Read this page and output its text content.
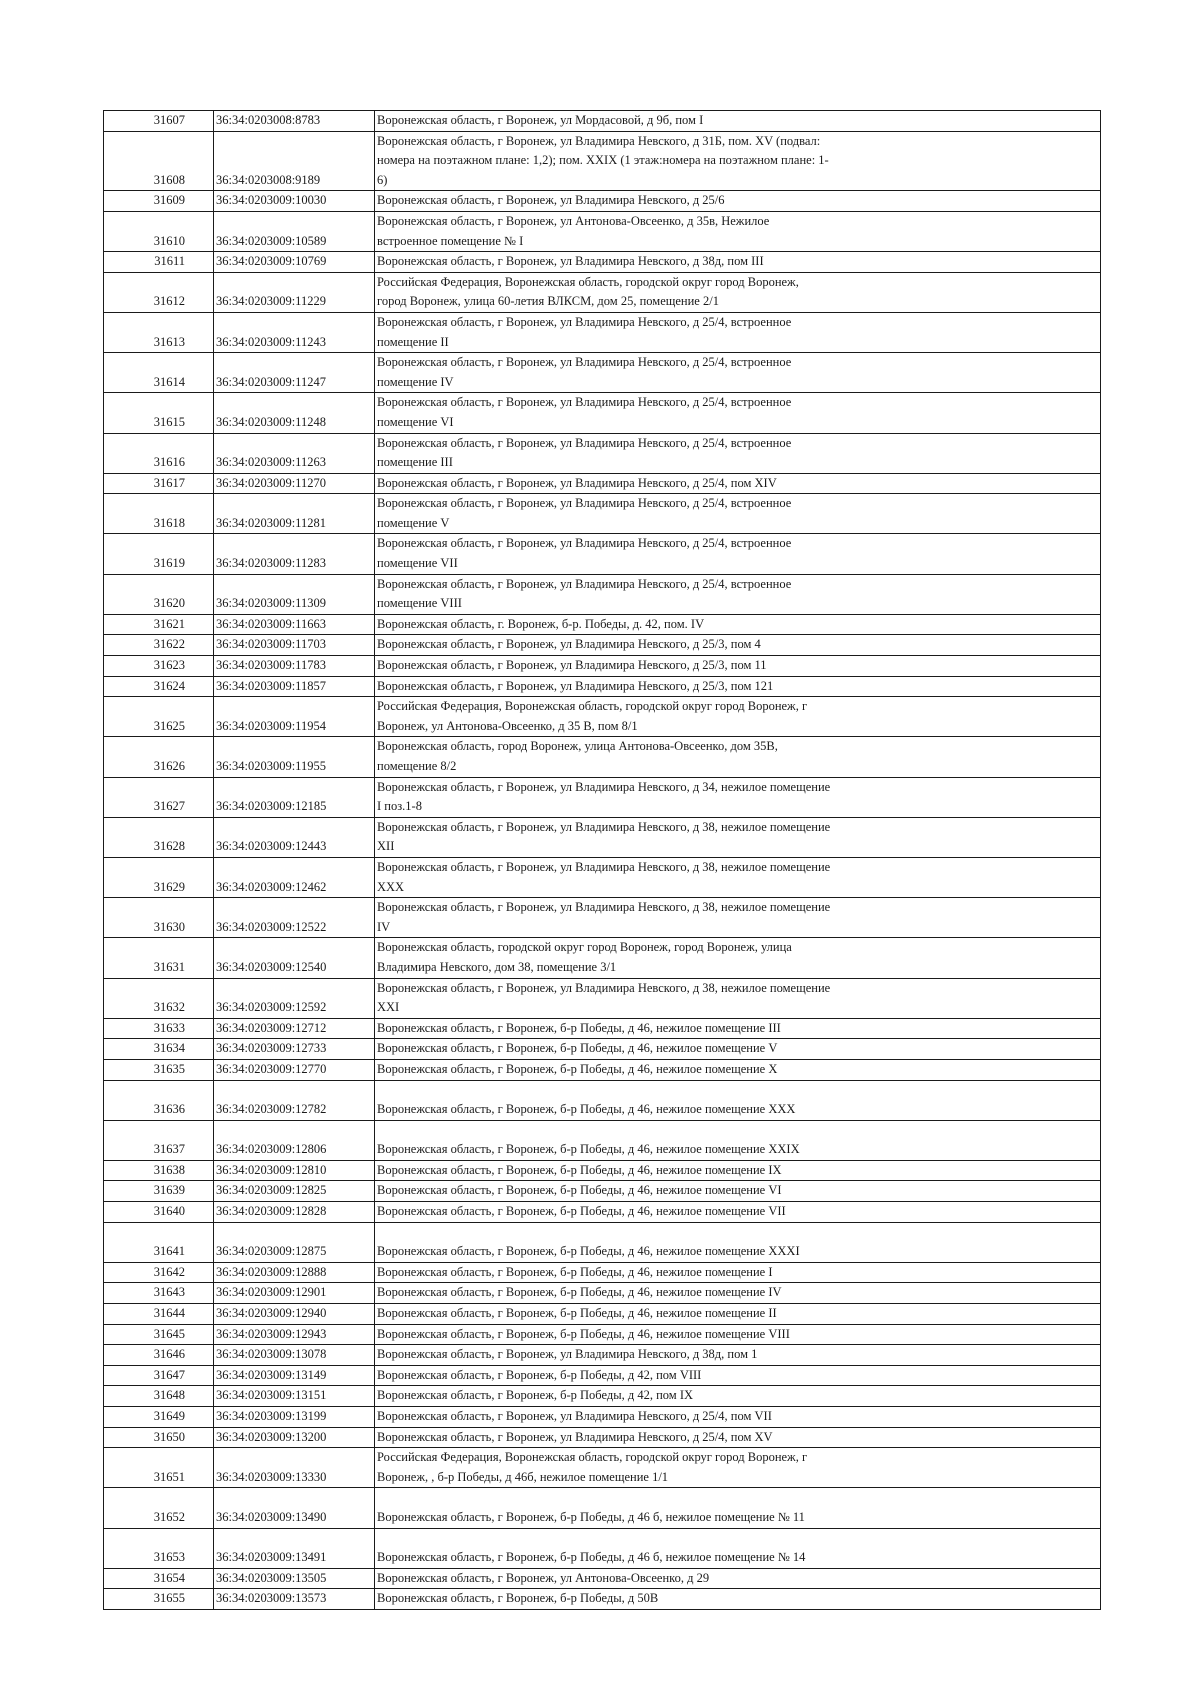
31607	36:34:0203008:8783	Воронежская область, г Воронеж, ул Мордасовой, д 9б, пом I

31608	36:34:0203008:9189	Воронежская область, г Воронеж, ул Владимира Невского, д 31Б, пом. XV (подвал:
номера на поэтажном плане: 1,2); пом. XXIX (1 этаж:номера на поэтажном плане: 1-
6)

31609	36:34:0203009:10030	Воронежская область, г Воронеж, ул Владимира Невского, д 25/6

31610	36:34:0203009:10589	Воронежская область, г Воронеж, ул Антонова-Овсеенко, д 35в, Нежилое
встроенное помещение № I

31611	36:34:0203009:10769	Воронежская область, г Воронеж, ул Владимира Невского, д 38д, пом III

31612	36:34:0203009:11229	Российская Федерация, Воронежская область, городской округ город Воронеж,
город Воронеж, улица 60-летия ВЛКСМ, дом 25, помещение 2/1

31613	36:34:0203009:11243	Воронежская область, г Воронеж, ул Владимира Невского, д 25/4, встроенное
помещение II

31614	36:34:0203009:11247	Воронежская область, г Воронеж, ул Владимира Невского, д 25/4, встроенное
помещение IV

31615	36:34:0203009:11248	Воронежская область, г Воронеж, ул Владимира Невского, д 25/4, встроенное
помещение VI

31616	36:34:0203009:11263	Воронежская область, г Воронеж, ул Владимира Невского, д 25/4, встроенное
помещение III

31617	36:34:0203009:11270	Воронежская область, г Воронеж, ул Владимира Невского, д 25/4, пом XIV

31618	36:34:0203009:11281	Воронежская область, г Воронеж, ул Владимира Невского, д 25/4, встроенное
помещение V

31619	36:34:0203009:11283	Воронежская область, г Воронеж, ул Владимира Невского, д 25/4, встроенное
помещение VII

31620	36:34:0203009:11309	Воронежская область, г Воронеж, ул Владимира Невского, д 25/4, встроенное
помещение VIII

31621	36:34:0203009:11663	Воронежская область, г. Воронеж, б-р. Победы, д. 42, пом. IV

31622	36:34:0203009:11703	Воронежская область, г Воронеж, ул Владимира Невского, д 25/3, пом 4

31623	36:34:0203009:11783	Воронежская область, г Воронеж, ул Владимира Невского, д 25/3, пом 11

31624	36:34:0203009:11857	Воронежская область, г Воронеж, ул Владимира Невского, д 25/3, пом 121

31625	36:34:0203009:11954	Российская Федерация, Воронежская область, городской округ город Воронеж, г
Воронеж, ул Антонова-Овсеенко, д 35 В, пом 8/1

31626	36:34:0203009:11955	Воронежская область, город Воронеж, улица Антонова-Овсеенко, дом 35В,
помещение 8/2

31627	36:34:0203009:12185	Воронежская область, г Воронеж, ул Владимира Невского, д 34, нежилое помещение
I поз.1-8

31628	36:34:0203009:12443	Воронежская область, г Воронеж, ул Владимира Невского, д 38, нежилое помещение
XII

31629	36:34:0203009:12462	Воронежская область, г Воронеж, ул Владимира Невского, д 38, нежилое помещение
XXX

31630	36:34:0203009:12522	Воронежская область, г Воронеж, ул Владимира Невского, д 38, нежилое помещение
IV

31631	36:34:0203009:12540	Воронежская область, городской округ город Воронеж, город Воронеж, улица
Владимира Невского, дом 38, помещение 3/1

31632	36:34:0203009:12592	Воронежская область, г Воронеж, ул Владимира Невского, д 38, нежилое помещение
XXI

31633	36:34:0203009:12712	Воронежская область, г Воронеж, б-р Победы, д 46, нежилое помещение III

31634	36:34:0203009:12733	Воронежская область, г Воронеж, б-р Победы, д 46, нежилое помещение V

31635	36:34:0203009:12770	Воронежская область, г Воронеж, б-р Победы, д 46, нежилое помещение X

31636	36:34:0203009:12782	Воронежская область, г Воронеж, б-р Победы, д 46, нежилое помещение XXX

31637	36:34:0203009:12806	Воронежская область, г Воронеж, б-р Победы, д 46, нежилое помещение XXIX

31638	36:34:0203009:12810	Воронежская область, г Воронеж, б-р Победы, д 46, нежилое помещение IX

31639	36:34:0203009:12825	Воронежская область, г Воронеж, б-р Победы, д 46, нежилое помещение VI

31640	36:34:0203009:12828	Воронежская область, г Воронеж, б-р Победы, д 46, нежилое помещение VII

31641	36:34:0203009:12875	Воронежская область, г Воронеж, б-р Победы, д 46, нежилое помещение XXXI

31642	36:34:0203009:12888	Воронежская область, г Воронеж, б-р Победы, д 46, нежилое помещение I

31643	36:34:0203009:12901	Воронежская область, г Воронеж, б-р Победы, д 46, нежилое помещение IV

31644	36:34:0203009:12940	Воронежская область, г Воронеж, б-р Победы, д 46, нежилое помещение II

31645	36:34:0203009:12943	Воронежская область, г Воронеж, б-р Победы, д 46, нежилое помещение VIII

31646	36:34:0203009:13078	Воронежская область, г Воронеж, ул Владимира Невского, д 38д, пом 1

31647	36:34:0203009:13149	Воронежская область, г Воронеж, б-р Победы, д 42, пом VIII

31648	36:34:0203009:13151	Воронежская область, г Воронеж, б-р Победы, д 42, пом IX

31649	36:34:0203009:13199	Воронежская область, г Воронеж, ул Владимира Невского, д 25/4, пом VII

31650	36:34:0203009:13200	Воронежская область, г Воронеж, ул Владимира Невского, д 25/4, пом XV

31651	36:34:0203009:13330	Российская Федерация, Воронежская область, городской округ город Воронеж, г
Воронеж, , б-р Победы, д 46б, нежилое помещение 1/1

31652	36:34:0203009:13490	Воронежская область, г Воронеж, б-р Победы, д 46 б, нежилое помещение № 11

31653	36:34:0203009:13491	Воронежская область, г Воронеж, б-р Победы, д 46 б, нежилое помещение № 14

31654	36:34:0203009:13505	Воронежская область, г Воронеж, ул Антонова-Овсеенко, д 29

31655	36:34:0203009:13573	Воронежская область, г Воронеж, б-р Победы, д 50В
